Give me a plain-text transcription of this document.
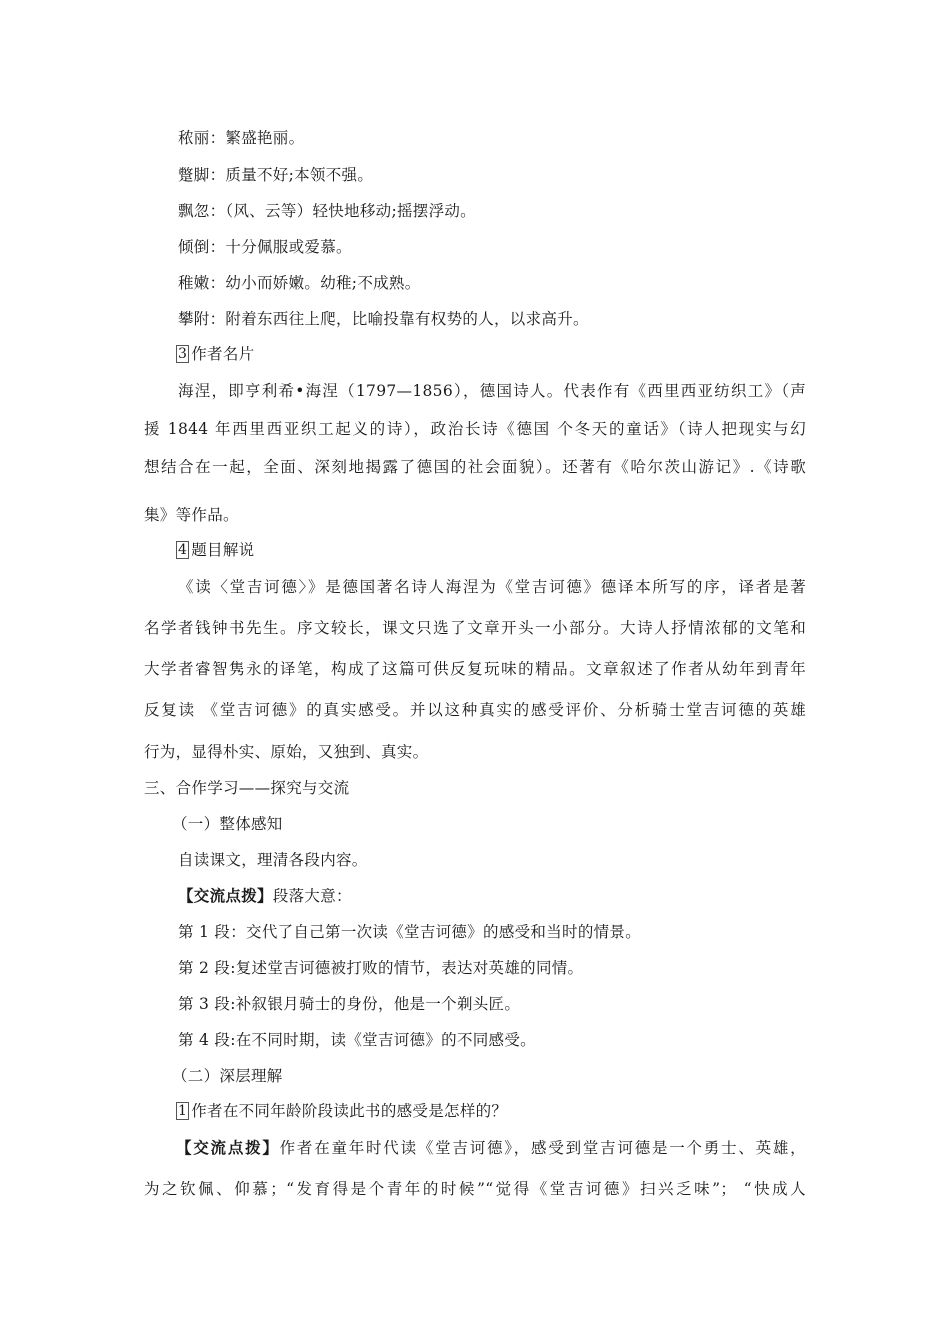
秾丽：繁盛艳丽。
蹩脚：质量不好;本领不强。
飘忽：（风、云等）轻快地移动;摇摆浮动。
倾倒：十分佩服或爱慕。
稚嫩：幼小而娇嫩。幼稚;不成熟。
攀附：附着东西往上爬，比喻投靠有权势的人，以求高升。
3 作者名片
海涅，即亨利希•海涅（1797—1856），德国诗人。代表作有《西里西亚纺织工》（声
援 1844 年西里西亚织工起义的诗），政治长诗《德国 个冬天的童话》（诗人把现实与幻
想结合在一起，全面、深刻地揭露了德国的社会面貌）。还著有《哈尔茨山游记》.《诗歌
集》等作品。
4 题目解说
《读〈堂吉诃德〉》是德国著名诗人海涅为《堂吉诃德》德译本所写的序，译者是著
名学者钱钟书先生。序文较长，课文只选了文章开头一小部分。大诗人抒情浓郁的文笔和
大学者睿智隽永的译笔，构成了这篇可供反复玩味的精品。文章叙述了作者从幼年到青年
反复读 《堂吉诃德》的真实感受。并以这种真实的感受评价、分析骑士堂吉诃德的英雄
行为，显得朴实、原始，又独到、真实。
三、合作学习——探究与交流
（一）整体感知
自读课文，理清各段内容。
【交流点拨】段落大意：
第 1 段：交代了自己第一次读《堂吉诃德》的感受和当时的情景。
第 2 段:复述堂吉诃德被打败的情节，表达对英雄的同情。
第 3 段:补叙银月骑士的身份，他是一个剃头匠。
第 4 段:在不同时期，读《堂吉诃德》的不同感受。
（二）深层理解
1 作者在不同年龄阶段读此书的感受是怎样的？
【交流点拨】作者在童年时代读《堂吉诃德》，感受到堂吉诃德是一个勇士、英雄，
为之钦佩、仰慕；“发育得是个青年的时候”“觉得《堂吉诃德》扫兴乏味”； “快成人
